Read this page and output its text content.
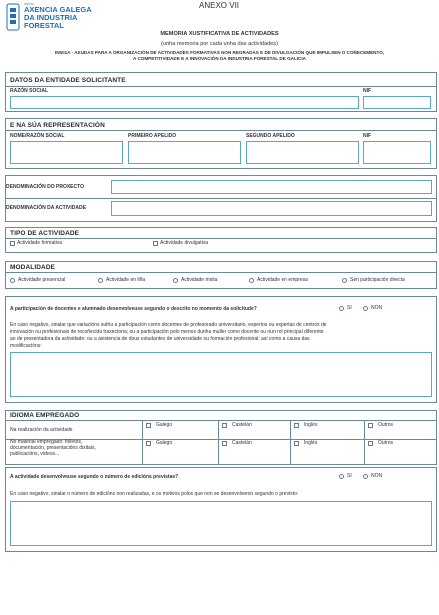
XUNTA
AXENCIA GALEGA
DA INDUSTRIA
FORESTAL
ANEXO VII
MEMORIA XUSTIFICATIVA DE ACTIVIDADES
(unha memoria por cada unha das actividades)
IN501A - AXUDAS PARA A ORGANIZACIÓN DE ACTIVIDADES FORMATIVAS NON REGRADAS E DE DIVULGACIÓN QUE IMPULSEN O COÑECEMENTO,
A COMPETITIVIDADE E A INNOVACIÓN DA INDUSTRIA FORESTAL DE GALICIA
DATOS DA ENTIDADE SOLICITANTE
RAZÓN SOCIAL	NIF
E NA SÚA REPRESENTACIÓN
NOME/RAZÓN SOCIAL	PRIMEIRO APELIDO	SEGUNDO APELIDO	NIF
DENOMINACIÓN DO PROXECTO
DENOMINACIÓN DA ACTIVIDADE
TIPO DE ACTIVIDADE
Actividade formativa	Actividade divulgativa
MODALIDADE
Actividade presencial	Actividade en liña	Actividade mixta	Actividade en empresa	Sen participación directa
A participación de docentes e alumnado desenvolveuse segundo o descrito no momento da solicitude?	SI	NON
En caso negativo, sinalar que variacións sufriu a participación como docentes de profesorado universitario, expertos ou expertas de centros de
innovación ou profesionais de recoñecida traxectoria; ou a participación polo menos dunha muller como docente ou nun rol principal diferente
ao de presentadora da actividade; ou a asistencia de dous estudantes de universidade ou formación profesional; así como a causa das
modificacións:
IDIOMA EMPREGADO
Na realización da actividade
Galego	Castelán	Inglés	Outros
No material empregado: folletos,
documentación, presentacións dixitais,
publicacións, vídeos...
Galego	Castelán	Inglés	Outros
A actividade desenvolveuse segundo o número de edicións previstas?	SI	NON
En caso negativo, sinalar o número de edicións non realizadas, e os motivos polos que non se desenvolveron segundo o previsto:
